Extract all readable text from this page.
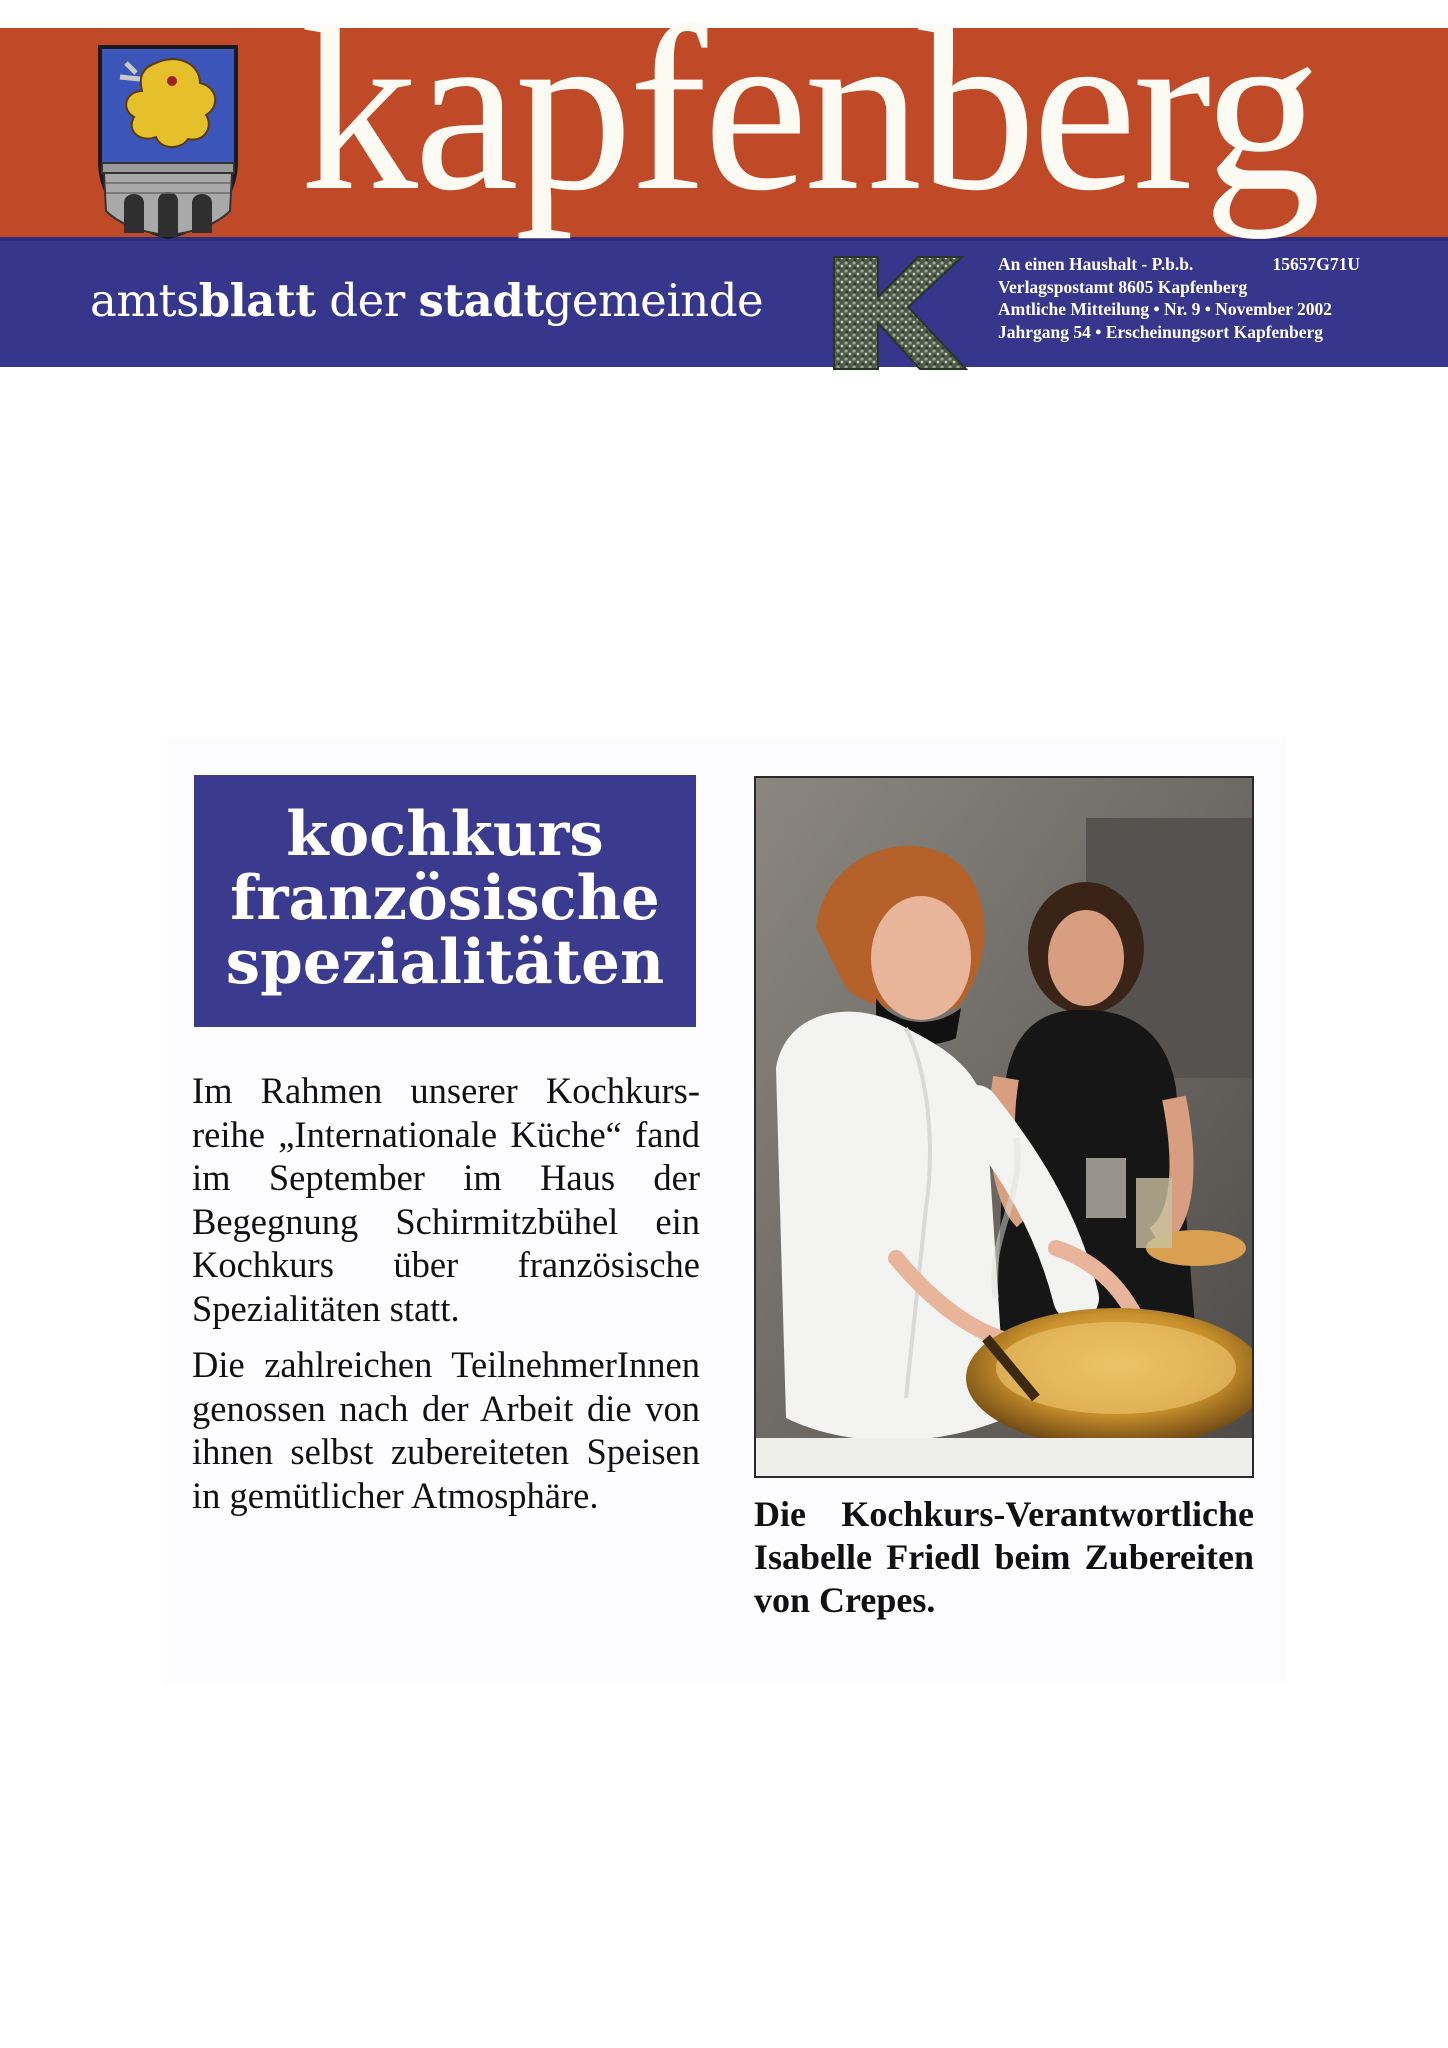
kapfenberg
amtsblatt der stadtgemeinde
An einen Haushalt - P.b.b.	15657G71U
Verlagspostamt 8605 Kapfenberg
Amtliche Mitteilung • Nr. 9 • November 2002
Jahrgang 54 • Erscheinungsort Kapfenberg
kochkurs
französische
spezialitäten

Im Rahmen unserer Kochkursreihe „Internationale Küche“ fand im September im Haus der Begegnung Schirmitzbühel ein Kochkurs über französische Spezialitäten statt.

Die zahlreichen TeilnehmerInnen genossen nach der Arbeit die von ihnen selbst zubereiteten Speisen in gemütlicher Atmosphäre.	Die Kochkurs-Verantwortliche Isabelle Friedl beim Zubereiten von Crepes.
